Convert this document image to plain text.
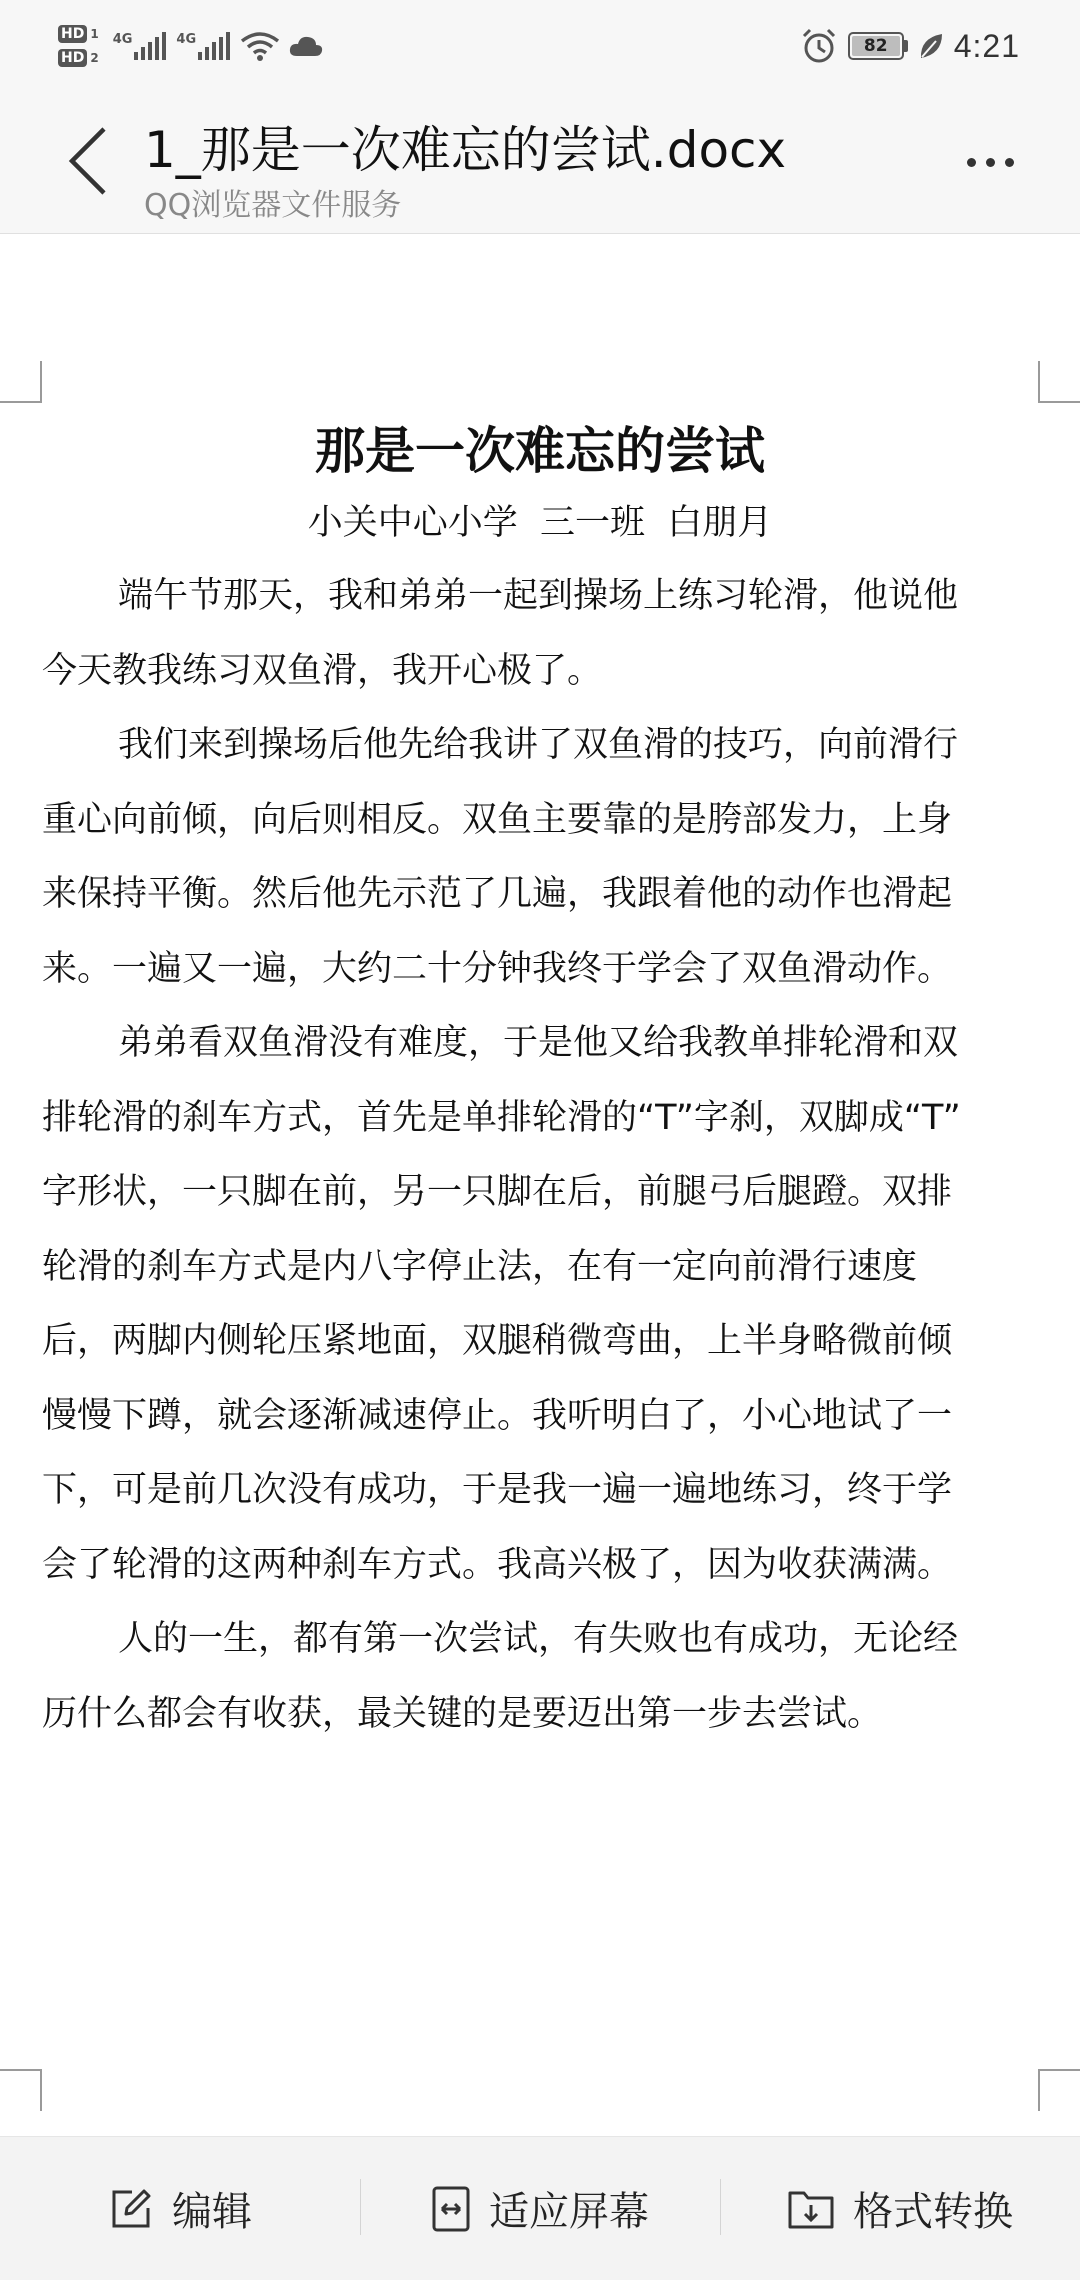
HD 1
HD 2
4G	4G	82	4:21
1_那是一次难忘的尝试.docx
QQ浏览器文件服务
那是一次难忘的尝试
小关中心小学  三一班  白朋月
端午节那天，我和弟弟一起到操场上练习轮滑，他说他
今天教我练习双鱼滑，我开心极了。
我们来到操场后他先给我讲了双鱼滑的技巧，向前滑行
重心向前倾，向后则相反。双鱼主要靠的是胯部发力，上身
来保持平衡。然后他先示范了几遍，我跟着他的动作也滑起
来。一遍又一遍，大约二十分钟我终于学会了双鱼滑动作。
弟弟看双鱼滑没有难度，于是他又给我教单排轮滑和双
排轮滑的刹车方式，首先是单排轮滑的“T”字刹，双脚成“T”
字形状，一只脚在前，另一只脚在后，前腿弓后腿蹬。双排
轮滑的刹车方式是内八字停止法，在有一定向前滑行速度
后，两脚内侧轮压紧地面，双腿稍微弯曲，上半身略微前倾
慢慢下蹲，就会逐渐减速停止。我听明白了，小心地试了一
下，可是前几次没有成功，于是我一遍一遍地练习，终于学
会了轮滑的这两种刹车方式。我高兴极了，因为收获满满。
人的一生，都有第一次尝试，有失败也有成功，无论经
历什么都会有收获，最关键的是要迈出第一步去尝试。
编辑	适应屏幕	格式转换
